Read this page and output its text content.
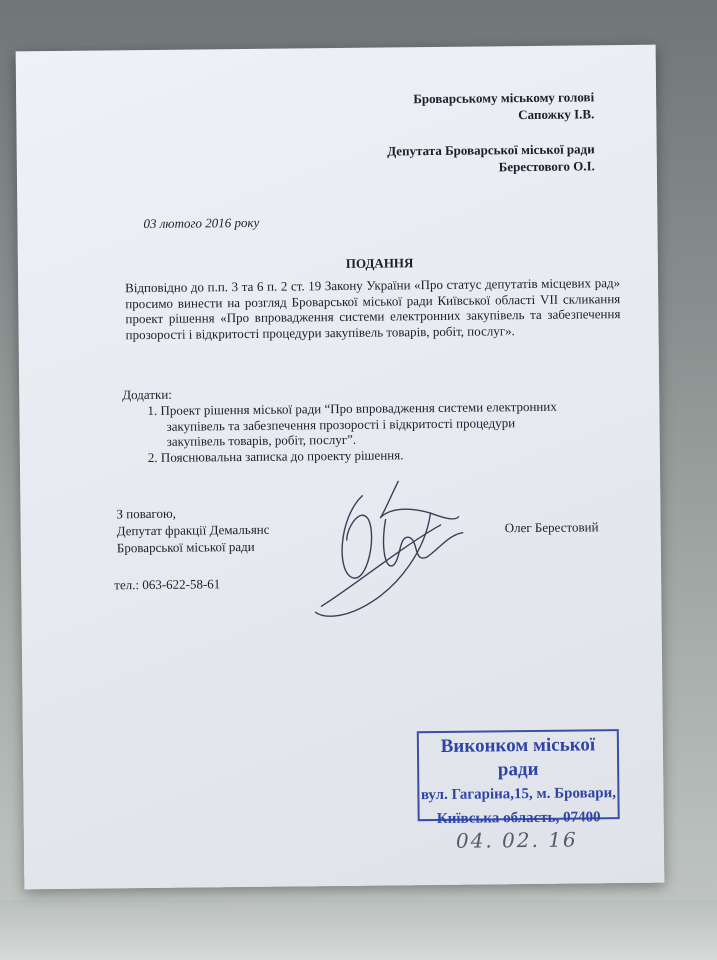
Броварському міському голові
Сапожку І.В.
Депутата Броварської міської ради
Берестового О.І.
03 лютого 2016 року
ПОДАННЯ
Відповідно до п.п. 3 та 6 п. 2 ст. 19 Закону України «Про статус депутатів місцевих рад» просимо винести на розгляд Броварської міської ради Київської області VII скликання проект рішення «Про впровадження системи електронних закупівель та забезпечення прозорості і відкритості процедури закупівель товарів, робіт, послуг».
Додатки:
1. Проект рішення міської ради “Про впровадження системи електронних
закупівель та забезпечення прозорості і відкритості процедури
закупівель товарів, робіт, послуг”.
2. Пояснювальна записка до проекту рішення.
З повагою,
Депутат фракції Демальянс
Броварської міської ради
Олег Берестовий
тел.: 063-622-58-61
Виконком міської ради
вул. Гагаріна,15, м. Бровари,
Київська область, 07400
04. 02. 16
